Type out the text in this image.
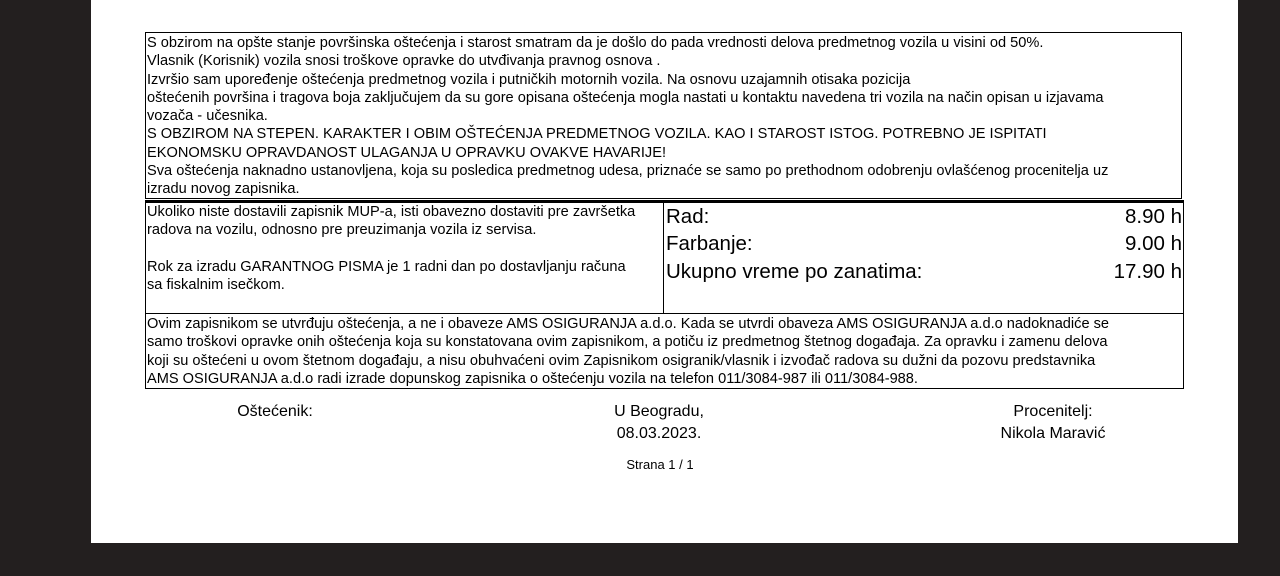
S obzirom na opšte stanje površinska oštećenja i starost smatram da je došlo do pada vrednosti delova predmetnog vozila u visini od 50%.

Vlasnik (Korisnik) vozila snosi troškove opravke do utvđivanja pravnog osnova .

Izvršio sam upoređenje oštećenja predmetnog vozila i putničkih motornih vozila. Na osnovu uzajamnih otisaka pozicija

oštećenih površina i tragova boja zaključujem da su gore opisana oštećenja mogla nastati u kontaktu navedena tri vozila na način opisan u izjavama

vozača - učesnika.

S OBZIROM NA STEPEN. KARAKTER I OBIM OŠTEĆENJA PREDMETNOG VOZILA. KAO I STAROST ISTOG. POTREBNO JE ISPITATI

EKONOMSKU OPRAVDANOST ULAGANJA U OPRAVKU OVAKVE HAVARIJE!

Sva oštećenja naknadno ustanovljena, koja su posledica predmetnog udesa, priznaće se samo po prethodnom odobrenju ovlašćenog procenitelja uz

izradu novog zapisnika.

Ukoliko niste dostavili zapisnik MUP-a, isti obavezno dostaviti pre završetka

radova na vozilu, odnosno pre preuzimanja vozila iz servisa.

Rok za izradu GARANTNOG PISMA je 1 radni dan po dostavljanju računa

sa fiskalnim isečkom.

Rad:	8.90 h
Farbanje:	9.00 h
Ukupno vreme po zanatima:	17.90 h

Ovim zapisnikom se utvrđuju oštećenja, a ne i obaveze AMS OSIGURANJA a.d.o. Kada se utvrdi obaveza AMS OSIGURANJA a.d.o nadoknadiće se

samo troškovi opravke onih oštećenja koja su konstatovana ovim zapisnikom, a potiču iz predmetnog štetnog događaja. Za opravku i zamenu delova

koji su oštećeni u ovom štetnom događaju, a nisu obuhvaćeni ovim Zapisnikom osigranik/vlasnik i izvođač radova su dužni da pozovu predstavnika

AMS OSIGURANJA a.d.o radi izrade dopunskog zapisnika o oštećenju vozila na telefon 011/3084-987 ili 011/3084-988.

Oštećenik:	U Beogradu,
08.03.2023.
Procenitelj:
Nikola Maravić
Strana 1 / 1
